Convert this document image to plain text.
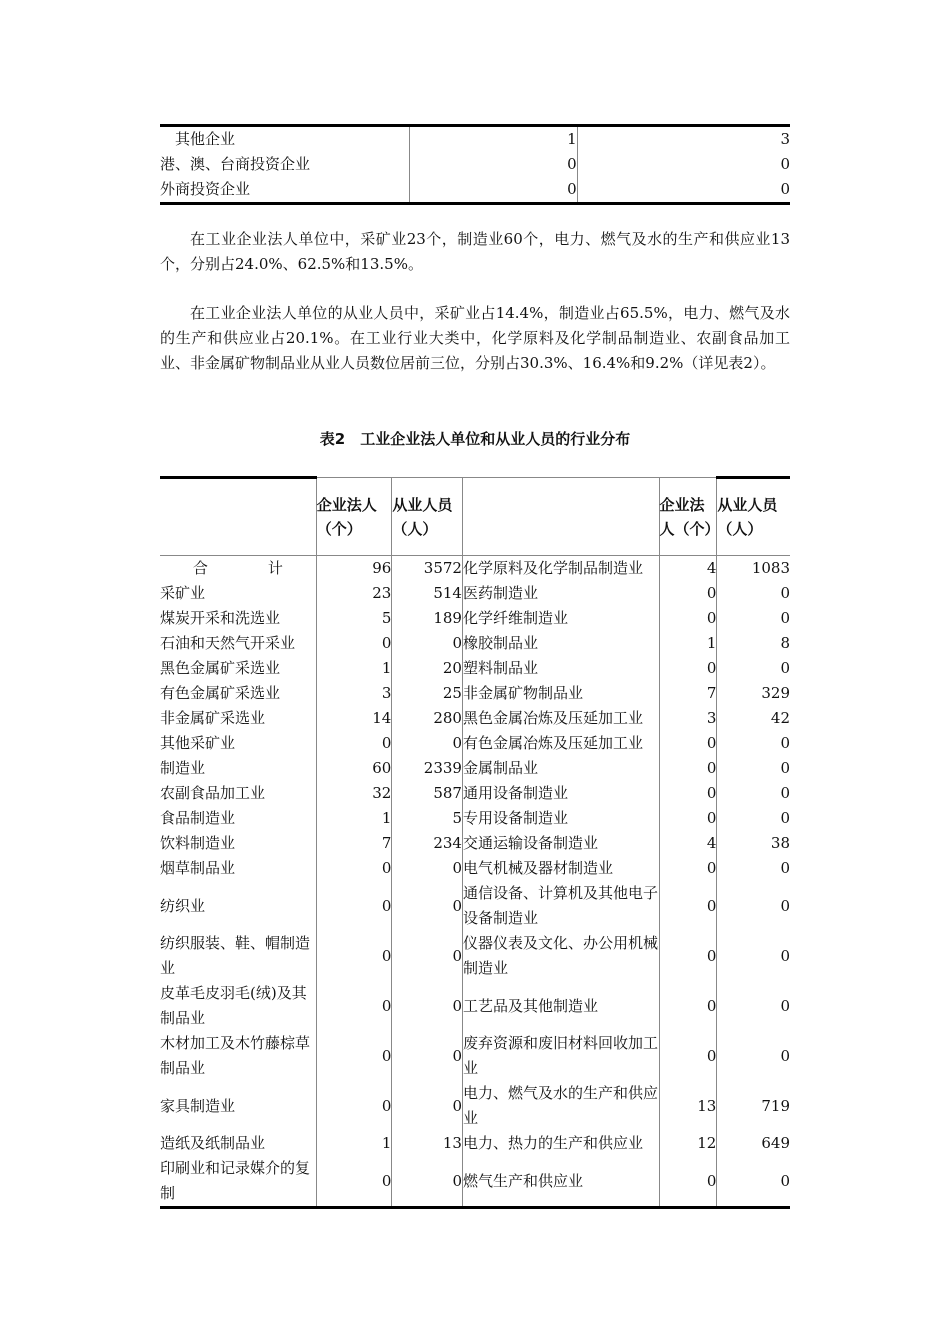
　其他企业	1	3
港、澳、台商投资企业	0	0
外商投资企业	0	0
在工业企业法人单位中，采矿业23个，制造业60个，电力、燃气及水的生产和供应业13个，分别占24.0%、62.5%和13.5%。
在工业企业法人单位的从业人员中，采矿业占14.4%，制造业占65.5%，电力、燃气及水的生产和供应业占20.1%。在工业行业大类中，化学原料及化学制品制造业、农副食品加工业、非金属矿物制品业从业人员数位居前三位，分别占30.3%、16.4%和9.2%（详见表2）。
表2　工业企业法人单位和从业人员的行业分布
	企业法人（个）	从业人员（人）		企业法人（个）	从业人员（人）
合　　　　计	96	3572	化学原料及化学制品制造业	4	1083
采矿业	23	514	医药制造业	0	0
煤炭开采和洗选业	5	189	化学纤维制造业	0	0
石油和天然气开采业	0	0	橡胶制品业	1	8
黑色金属矿采选业	1	20	塑料制品业	0	0
有色金属矿采选业	3	25	非金属矿物制品业	7	329
非金属矿采选业	14	280	黑色金属冶炼及压延加工业	3	42
其他采矿业	0	0	有色金属冶炼及压延加工业	0	0
制造业	60	2339	金属制品业	0	0
农副食品加工业	32	587	通用设备制造业	0	0
食品制造业	1	5	专用设备制造业	0	0
饮料制造业	7	234	交通运输设备制造业	4	38
烟草制品业	0	0	电气机械及器材制造业	0	0
纺织业	0	0	通信设备、计算机及其他电子设备制造业	0	0
纺织服装、鞋、帽制造业	0	0	仪器仪表及文化、办公用机械制造业	0	0
皮革毛皮羽毛(绒)及其制品业	0	0	工艺品及其他制造业	0	0
木材加工及木竹藤棕草制品业	0	0	废弃资源和废旧材料回收加工业	0	0
家具制造业	0	0	电力、燃气及水的生产和供应业	13	719
造纸及纸制品业	1	13	电力、热力的生产和供应业	12	649
印刷业和记录媒介的复制	0	0	燃气生产和供应业	0	0
